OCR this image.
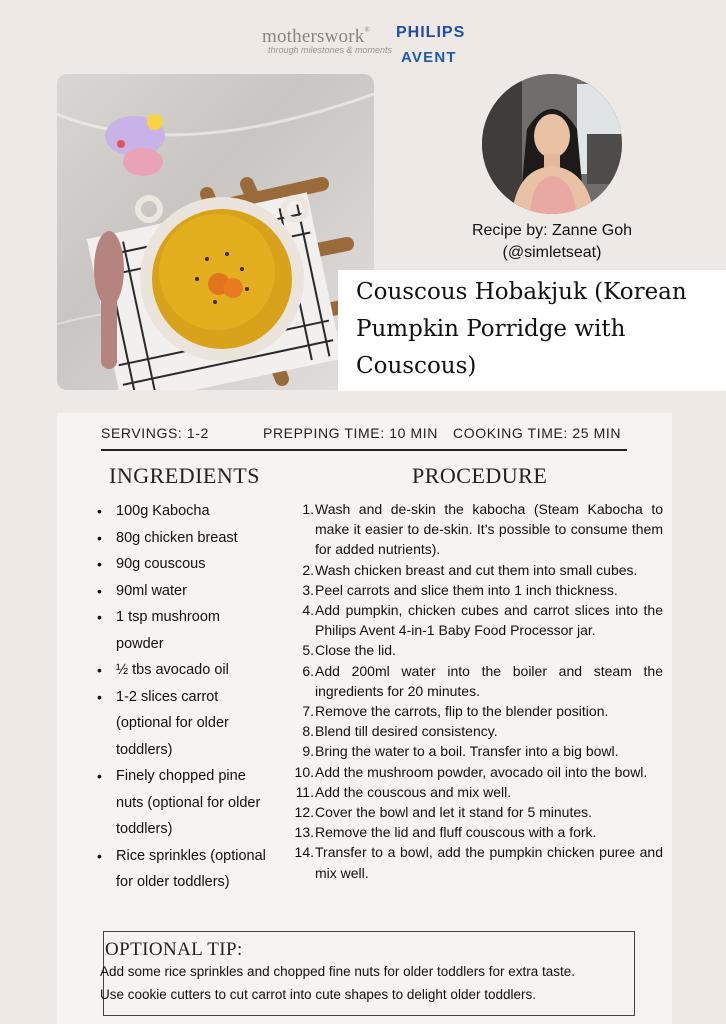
motherswork®
through milestones & moments
PHILIPS
AVENT
Recipe by: Zanne Goh
(@simletseat)
Couscous Hobakjuk (Korean
Pumpkin Porridge with
Couscous)
SERVINGS: 1-2	PREPPING TIME: 10 MIN COOKING TIME: 25 MIN
INGREDIENTS	PROCEDURE
• 100g Kabocha
• 80g chicken breast
• 90g couscous
• 90ml water
• 1 tsp mushroom powder
• ½ tbs avocado oil
• 1-2 slices carrot (optional for older toddlers)
• Finely chopped pine nuts (optional for older toddlers)
• Rice sprinkles (optional for older toddlers)
1. Wash and de-skin the kabocha (Steam Kabocha to make it easier to de-skin. It’s possible to consume them for added nutrients).
2. Wash chicken breast and cut them into small cubes.
3. Peel carrots and slice them into 1 inch thickness.
4. Add pumpkin, chicken cubes and carrot slices into the Philips Avent 4-in-1 Baby Food Processor jar.
5. Close the lid.
6. Add 200ml water into the boiler and steam the ingredients for 20 minutes.
7. Remove the carrots, flip to the blender position.
8. Blend till desired consistency.
9. Bring the water to a boil. Transfer into a big bowl.
10. Add the mushroom powder, avocado oil into the bowl.
11. Add the couscous and mix well.
12. Cover the bowl and let it stand for 5 minutes.
13. Remove the lid and fluff couscous with a fork.
14. Transfer to a bowl, add the pumpkin chicken puree and mix well.
OPTIONAL TIP:
Add some rice sprinkles and chopped fine nuts for older toddlers for extra taste.
Use cookie cutters to cut carrot into cute shapes to delight older toddlers.
